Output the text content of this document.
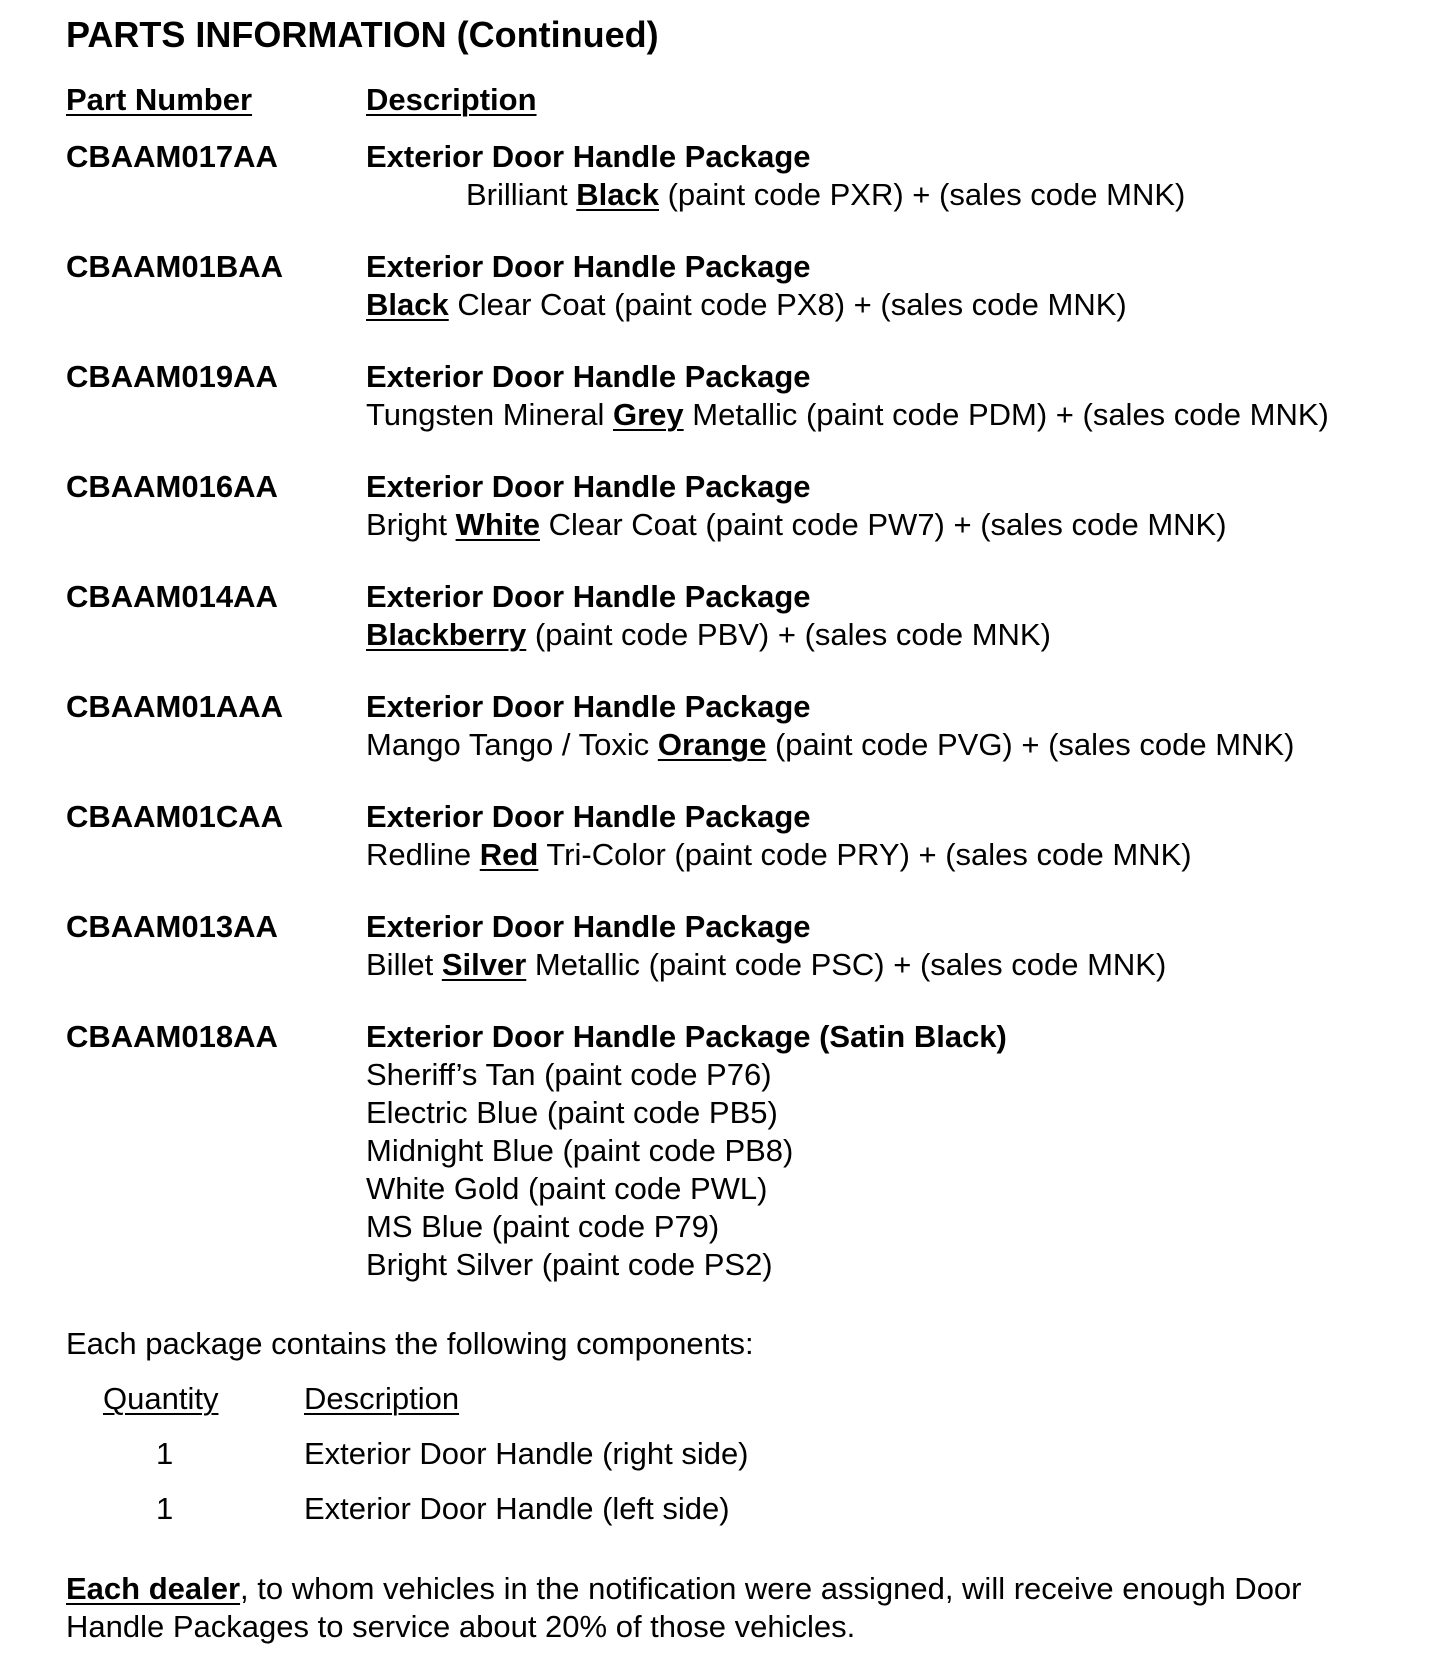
PARTS INFORMATION (Continued)
Part Number	Description
CBAAM017AA	Exterior Door Handle Package
Brilliant Black (paint code PXR) + (sales code MNK)
CBAAM01BAA	Exterior Door Handle Package
Black Clear Coat (paint code PX8) + (sales code MNK)
CBAAM019AA	Exterior Door Handle Package
Tungsten Mineral Grey Metallic (paint code PDM) + (sales code MNK)
CBAAM016AA	Exterior Door Handle Package
Bright White Clear Coat (paint code PW7) + (sales code MNK)
CBAAM014AA	Exterior Door Handle Package
Blackberry (paint code PBV) + (sales code MNK)
CBAAM01AAA	Exterior Door Handle Package
Mango Tango / Toxic Orange (paint code PVG) + (sales code MNK)
CBAAM01CAA	Exterior Door Handle Package
Redline Red Tri-Color (paint code PRY) + (sales code MNK)
CBAAM013AA	Exterior Door Handle Package
Billet Silver Metallic (paint code PSC) + (sales code MNK)
CBAAM018AA	Exterior Door Handle Package (Satin Black)
Sheriff’s Tan (paint code P76)
Electric Blue (paint code PB5)
Midnight Blue (paint code PB8)
White Gold (paint code PWL)
MS Blue (paint code P79)
Bright Silver (paint code PS2)
Each package contains the following components:
Quantity	Description
1	Exterior Door Handle (right side)
1	Exterior Door Handle (left side)
Each dealer, to whom vehicles in the notification were assigned, will receive enough Door Handle Packages to service about 20% of those vehicles.
